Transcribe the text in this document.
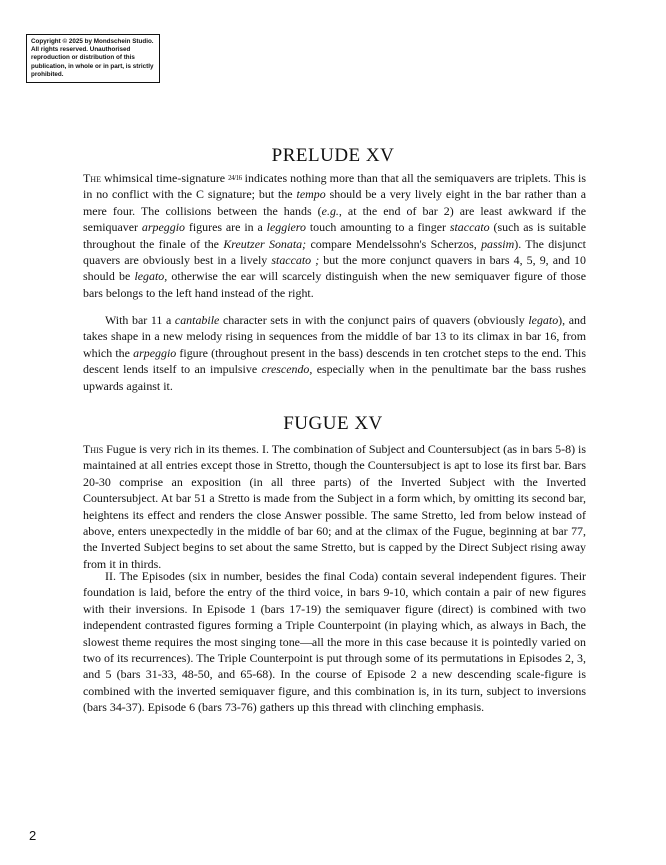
Copyright © 2025 by Mondschein Studio. All rights reserved. Unauthorised reproduction or distribution of this publication, in whole or in part, is strictly prohibited.
PRELUDE XV

The whimsical time-signature 24/16 indicates nothing more than that all the semiquavers are triplets. This is in no conflict with the C signature; but the tempo should be a very lively eight in the bar rather than a mere four. The collisions between the hands (e.g., at the end of bar 2) are least awkward if the semiquaver arpeggio figures are in a leggiero touch amounting to a finger staccato (such as is suitable throughout the finale of the Kreutzer Sonata; compare Mendelssohn's Scherzos, passim). The disjunct quavers are obviously best in a lively staccato ; but the more conjunct quavers in bars 4, 5, 9, and 10 should be legato, otherwise the ear will scarcely distinguish when the new semiquaver figure of those bars belongs to the left hand instead of the right.

With bar 11 a cantabile character sets in with the conjunct pairs of quavers (obviously legato), and takes shape in a new melody rising in sequences from the middle of bar 13 to its climax in bar 16, from which the arpeggio figure (throughout present in the bass) descends in ten crotchet steps to the end. This descent lends itself to an impulsive crescendo, especially when in the penultimate bar the bass rushes upwards against it.

FUGUE XV

This Fugue is very rich in its themes. I. The combination of Subject and Countersubject (as in bars 5-8) is maintained at all entries except those in Stretto, though the Countersubject is apt to lose its first bar. Bars 20-30 comprise an exposition (in all three parts) of the Inverted Subject with the Inverted Countersubject. At bar 51 a Stretto is made from the Subject in a form which, by omitting its second bar, heightens its effect and renders the close Answer possible. The same Stretto, led from below instead of above, enters unexpectedly in the middle of bar 60; and at the climax of the Fugue, beginning at bar 77, the Inverted Subject begins to set about the same Stretto, but is capped by the Direct Subject rising away from it in thirds.

II. The Episodes (six in number, besides the final Coda) contain several independent figures. Their foundation is laid, before the entry of the third voice, in bars 9-10, which contain a pair of new figures with their inversions. In Episode 1 (bars 17-19) the semiquaver figure (direct) is combined with two independent contrasted figures forming a Triple Counterpoint (in playing which, as always in Bach, the slowest theme requires the most singing tone—all the more in this case because it is pointedly varied on two of its recurrences). The Triple Counterpoint is put through some of its permutations in Episodes 2, 3, and 5 (bars 31-33, 48-50, and 65-68). In the course of Episode 2 a new descending scale-figure is combined with the inverted semiquaver figure, and this combination is, in its turn, subject to inversions (bars 34-37). Episode 6 (bars 73-76) gathers up this thread with clinching emphasis.

2
